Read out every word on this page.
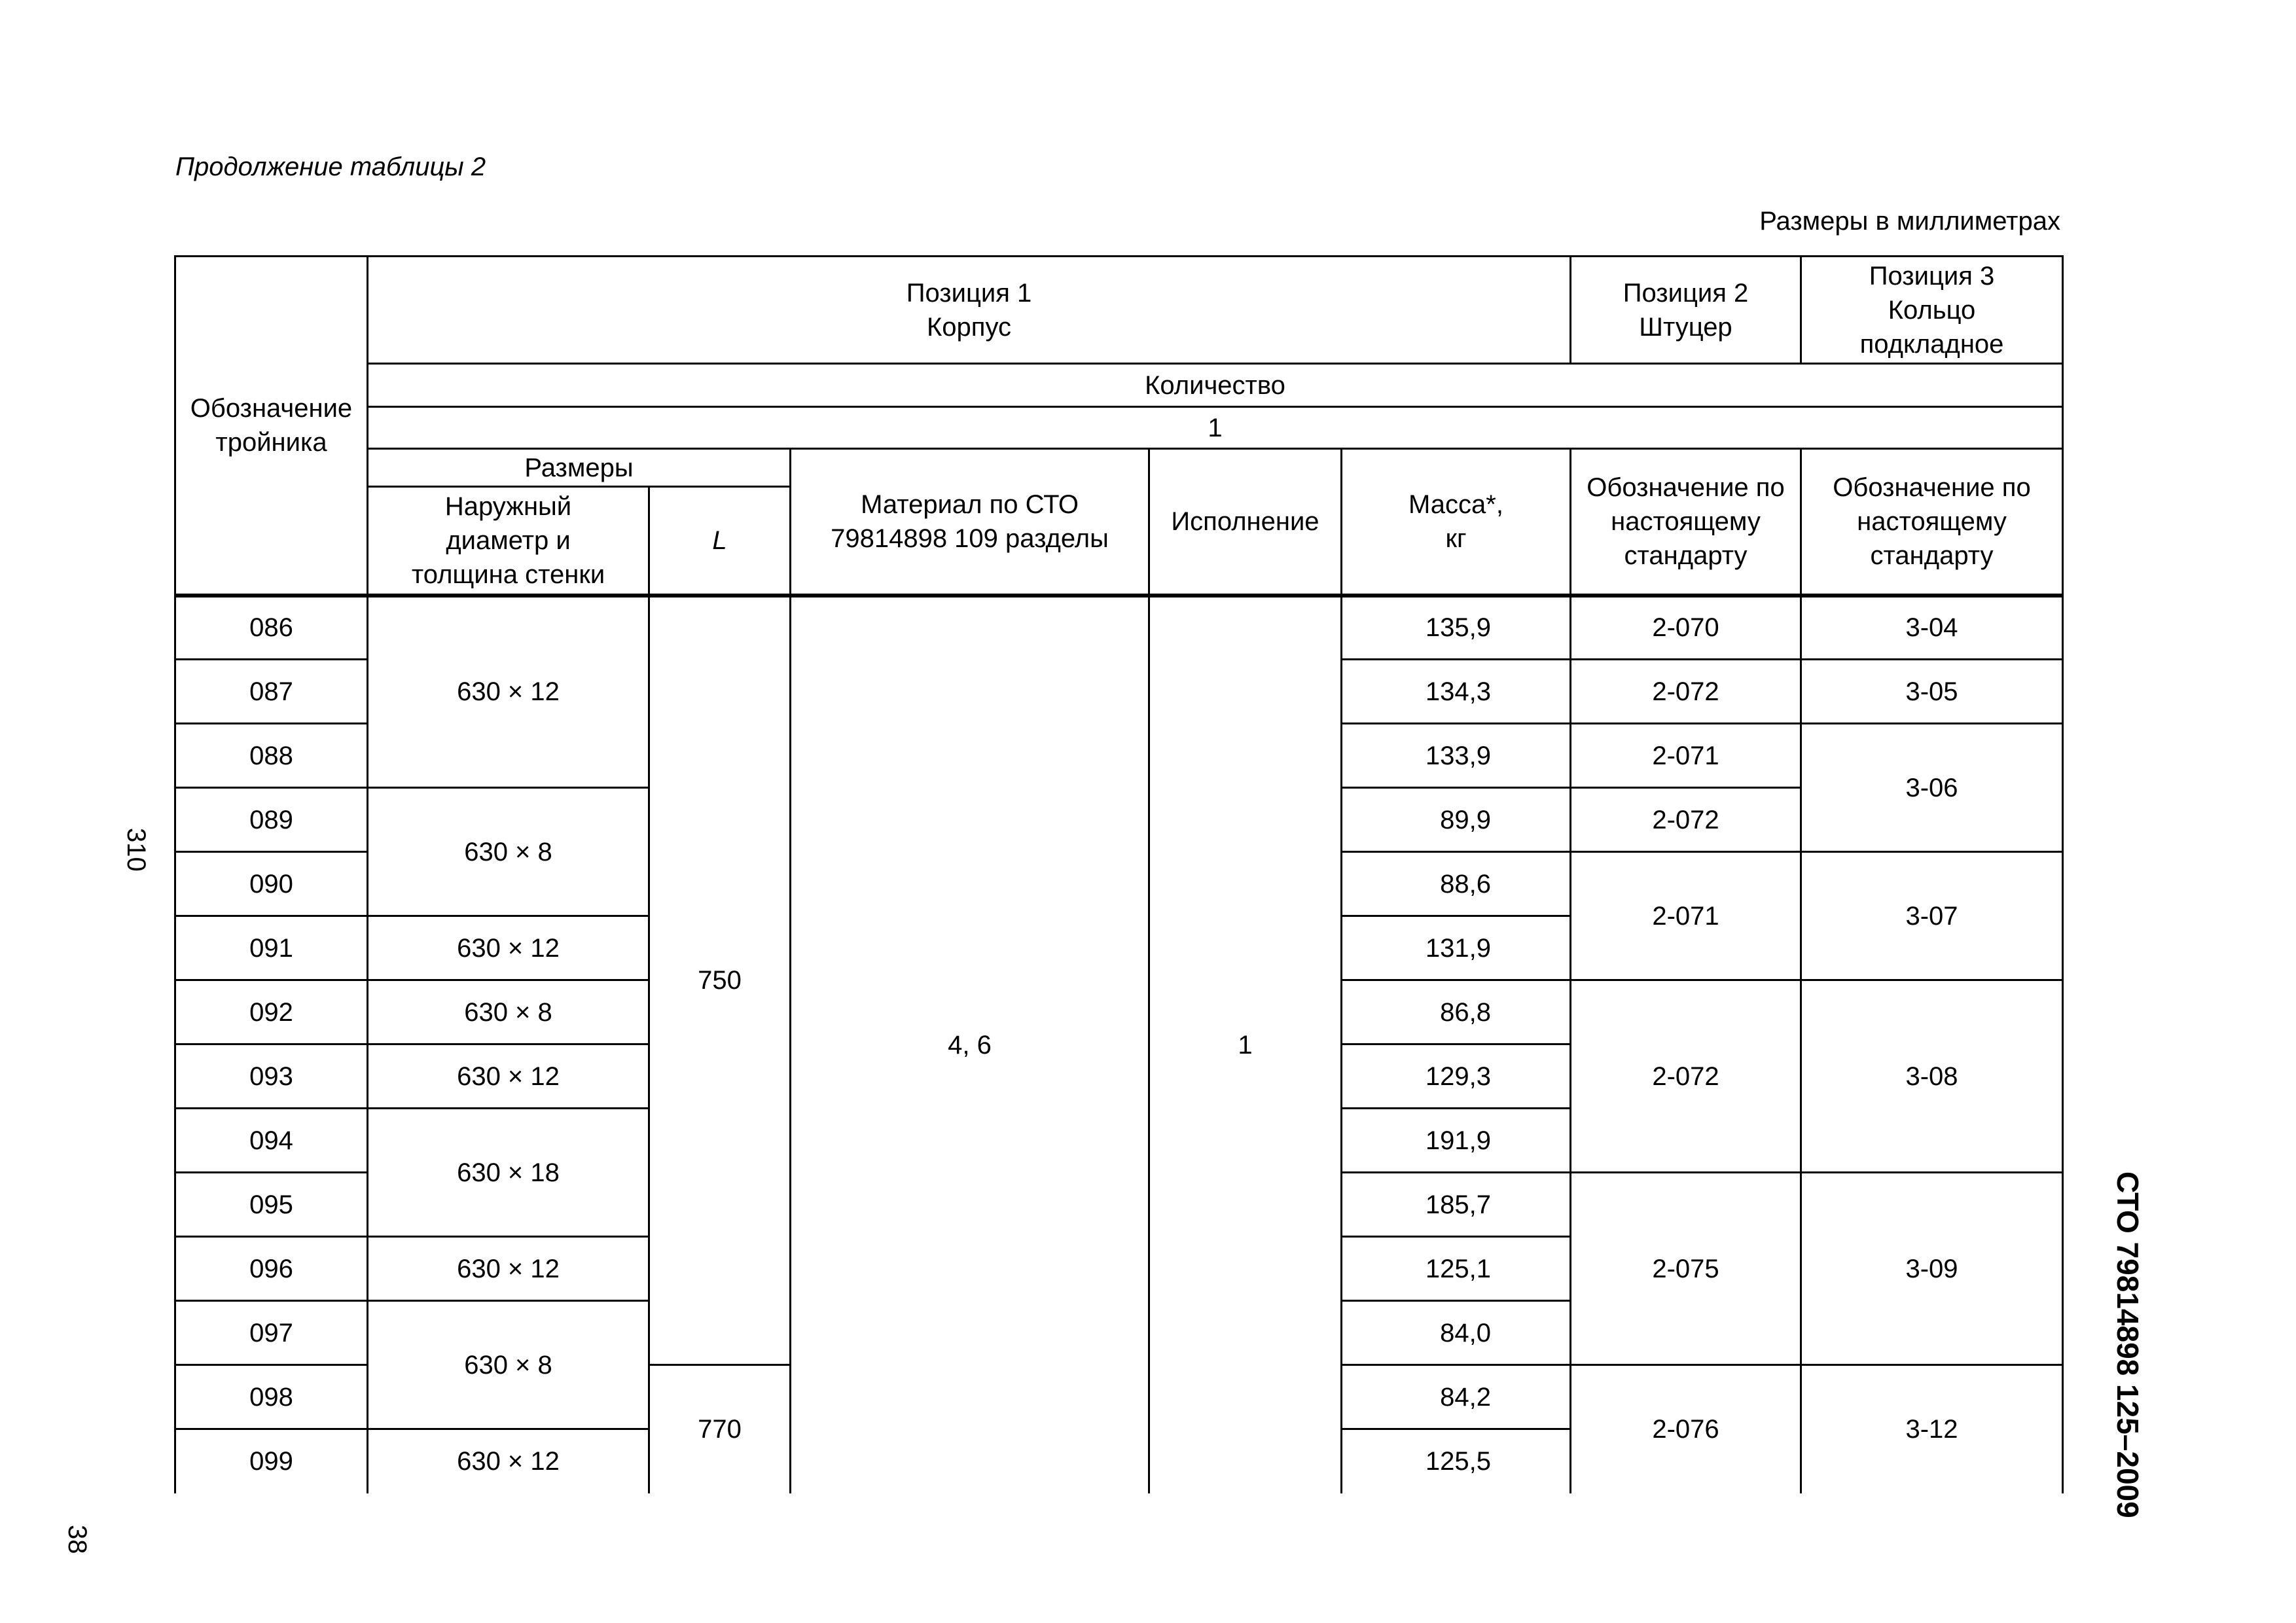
Продолжение таблицы 2
Размеры в миллиметрах
310
38
СТО 79814898 125–2009
Обозначение тройника	Позиция 1 Корпус					Позиция 2 Штуцер	Позиция 3 Кольцо подкладное
	Количество						
	1						
	Размеры		Материал по СТО 79814898 109 разделы	Исполнение	Масса*, кг	Обозначение по настоящему стандарту	Обозначение по настоящему стандарту
	Наружный диаметр и толщина стенки	L					
086	630 × 12	750	4, 6	1	135,9	2-070	3-04
087					134,3	2-072	3-05
088					133,9	2-071	3-06
089	630 × 8				89,9	2-072	
090					88,6	2-071	3-07
091	630 × 12				131,9		
092	630 × 8				86,8	2-072	3-08
093	630 × 12				129,3		
094	630 × 18				191,9		
095					185,7	2-075	3-09
096	630 × 12				125,1		
097	630 × 8				84,0		
098		770			84,2	2-076	3-12
099	630 × 12				125,5		
